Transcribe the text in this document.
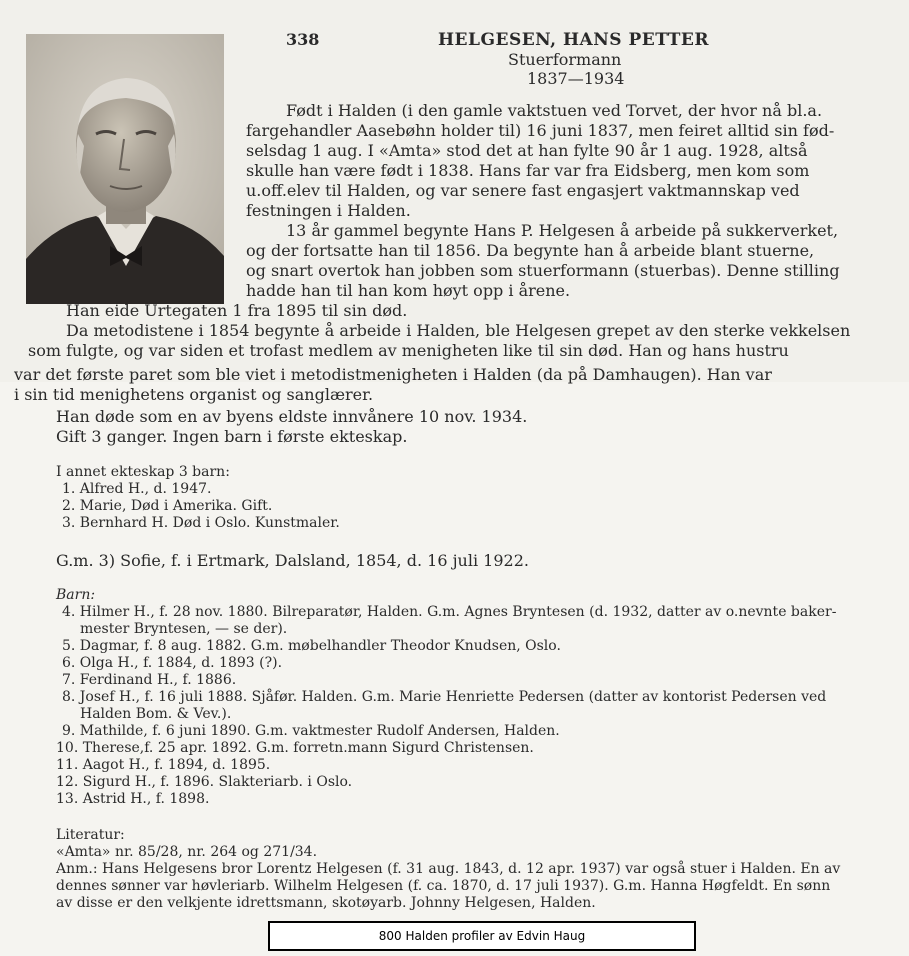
338	HELGESEN, HANS PETTER
Stuerformann
1837—1934
Født i Halden (i den gamle vaktstuen ved Torvet, der hvor nå bl.a.
fargehandler Aasebøhn holder til) 16 juni 1837, men feiret alltid sin fød-
selsdag 1 aug. I «Amta» stod det at han fylte 90 år 1 aug. 1928, altså
skulle han være født i 1838. Hans far var fra Eidsberg, men kom som
u.off.elev til Halden, og var senere fast engasjert vaktmannskap ved
festningen i Halden.
13 år gammel begynte Hans P. Helgesen å arbeide på sukkerverket,
og der fortsatte han til 1856. Da begynte han å arbeide blant stuerne,
og snart overtok han jobben som stuerformann (stuerbas). Denne stilling
hadde han til han kom høyt opp i årene.
Han eide Urtegaten 1 fra 1895 til sin død.
Da metodistene i 1854 begynte å arbeide i Halden, ble Helgesen grepet av den sterke vekkelsen
som fulgte, og var siden et trofast medlem av menigheten like til sin død. Han og hans hustru
var det første paret som ble viet i metodistmenigheten i Halden (da på Damhaugen). Han var
i sin tid menighetens organist og sanglærer.
Han døde som en av byens eldste innvånere 10 nov. 1934.
Gift 3 ganger. Ingen barn i første ekteskap.
I annet ekteskap 3 barn:
1. Alfred H., d. 1947.
2. Marie, Død i Amerika. Gift.
3. Bernhard H. Død i Oslo. Kunstmaler.
G.m. 3) Sofie, f. i Ertmark, Dalsland, 1854, d. 16 juli 1922.
Barn:
4. Hilmer H., f. 28 nov. 1880. Bilreparatør, Halden. G.m. Agnes Bryntesen (d. 1932, datter av o.nevnte baker-
mester Bryntesen, — se der).
5. Dagmar, f. 8 aug. 1882. G.m. møbelhandler Theodor Knudsen, Oslo.
6. Olga H., f. 1884, d. 1893 (?).
7. Ferdinand H., f. 1886.
8. Josef H., f. 16 juli 1888. Sjåfør. Halden. G.m. Marie Henriette Pedersen (datter av kontorist Pedersen ved
Halden Bom. & Vev.).
9. Mathilde, f. 6 juni 1890. G.m. vaktmester Rudolf Andersen, Halden.
10. Therese,f. 25 apr. 1892. G.m. forretn.mann Sigurd Christensen.
11. Aagot H., f. 1894, d. 1895.
12. Sigurd H., f. 1896. Slakteriarb. i Oslo.
13. Astrid H., f. 1898.
Literatur:
«Amta» nr. 85/28, nr. 264 og 271/34.
Anm.: Hans Helgesens bror Lorentz Helgesen (f. 31 aug. 1843, d. 12 apr. 1937) var også stuer i Halden. En av
dennes sønner var høvleriarb. Wilhelm Helgesen (f. ca. 1870, d. 17 juli 1937). G.m. Hanna Høgfeldt. En sønn
av disse er den velkjente idrettsmann, skotøyarb. Johnny Helgesen, Halden.
800 Halden profiler av Edvin Haug
